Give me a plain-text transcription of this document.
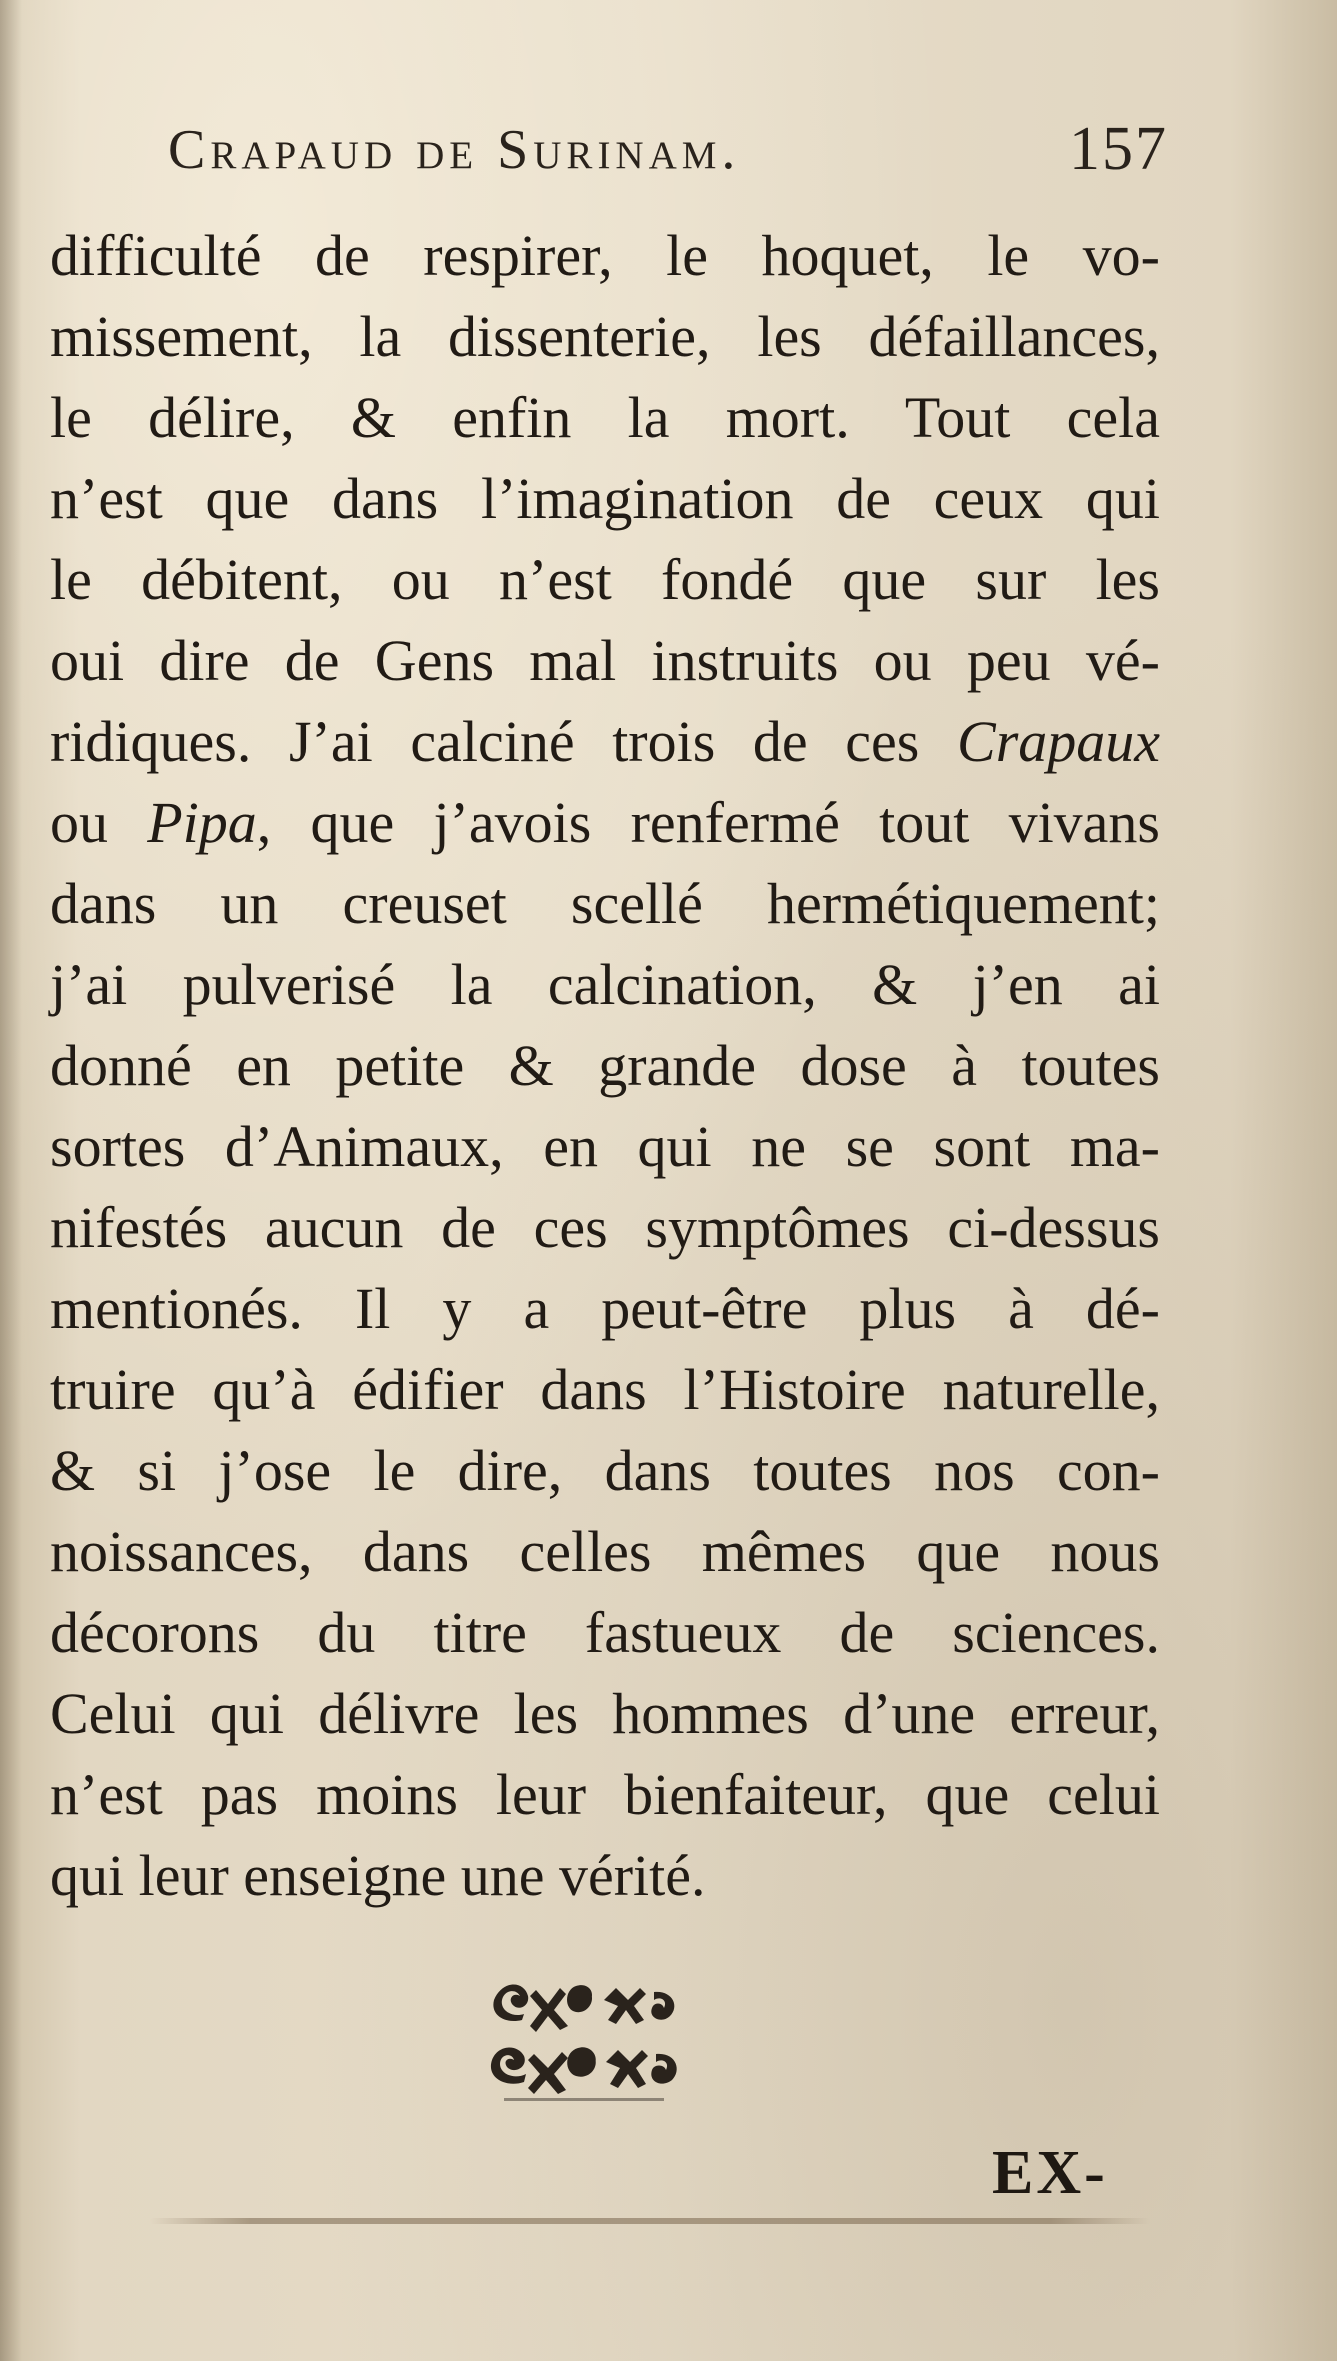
Crapaud de Surinam.	157
difficulté de respirer, le hoquet, le vo-
missement, la dissenterie, les défaillances,
le délire, & enfin la mort. Tout cela
n’est que dans l’imagination de ceux qui
le débitent, ou n’est fondé que sur les
oui dire de Gens mal instruits ou peu vé-
ridiques. J’ai calciné trois de ces Crapaux
ou Pipa, que j’avois renfermé tout vivans
dans un creuset scellé hermétiquement;
j’ai pulverisé la calcination, & j’en ai
donné en petite & grande dose à toutes
sortes d’Animaux, en qui ne se sont ma-
nifestés aucun de ces symptômes ci-dessus
mentionés. Il y a peut-être plus à dé-
truire qu’à édifier dans l’Histoire naturelle,
& si j’ose le dire, dans toutes nos con-
noissances, dans celles mêmes que nous
décorons du titre fastueux de sciences.
Celui qui délivre les hommes d’une erreur,
n’est pas moins leur bienfaiteur, que celui
qui leur enseigne une vérité.
EX-
